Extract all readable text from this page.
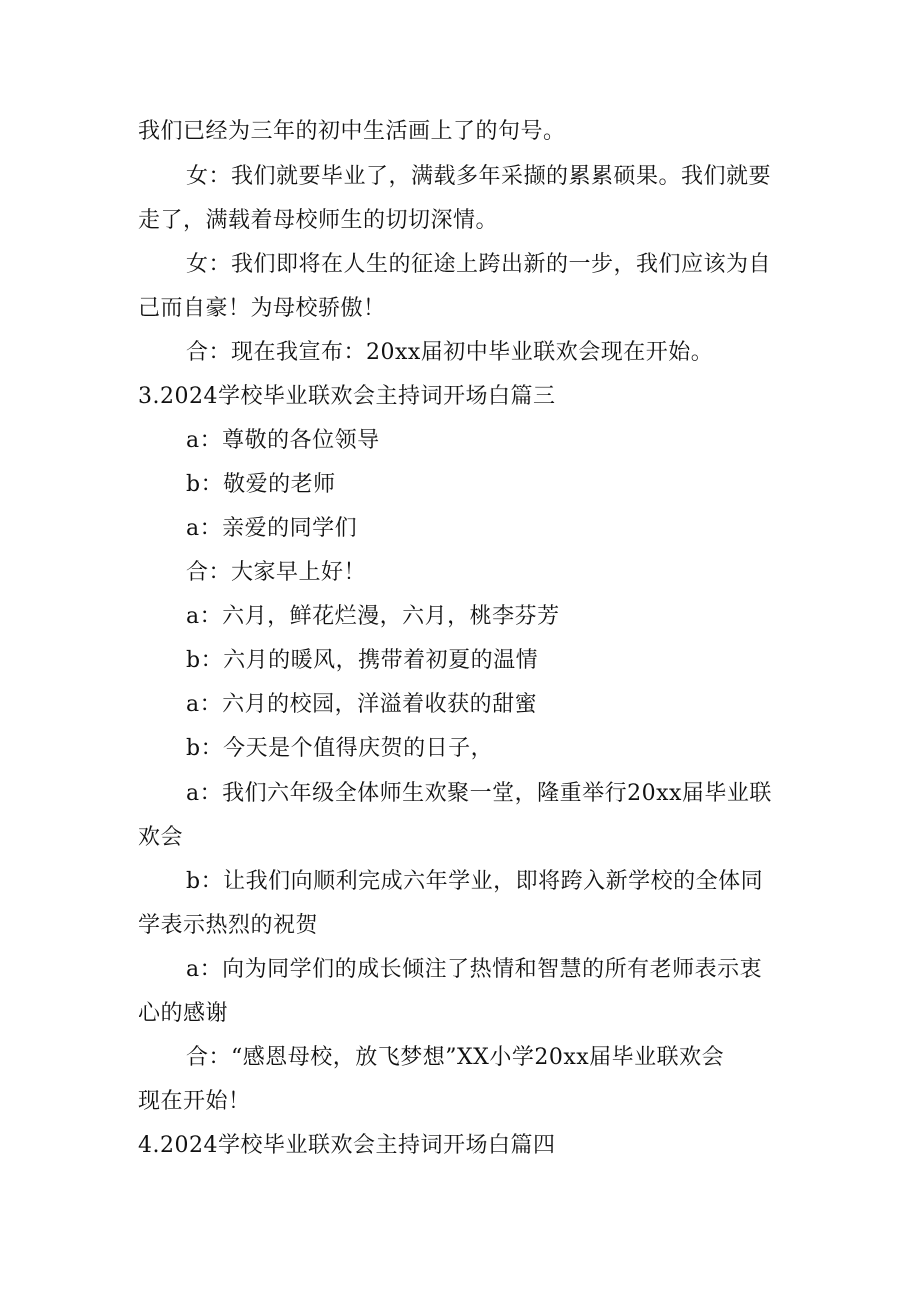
我们已经为三年的初中生活画上了的句号。
女：我们就要毕业了，满载多年采撷的累累硕果。我们就要
走了，满载着母校师生的切切深情。
女：我们即将在人生的征途上跨出新的一步，我们应该为自
己而自豪！为母校骄傲！
合：现在我宣布：20xx届初中毕业联欢会现在开始。
3.2024学校毕业联欢会主持词开场白篇三
a：尊敬的各位领导
b：敬爱的老师
a：亲爱的同学们
合：大家早上好！
a：六月，鲜花烂漫，六月，桃李芬芳
b：六月的暖风，携带着初夏的温情
a：六月的校园，洋溢着收获的甜蜜
b：今天是个值得庆贺的日子，
a：我们六年级全体师生欢聚一堂，隆重举行20xx届毕业联
欢会
b：让我们向顺利完成六年学业，即将跨入新学校的全体同
学表示热烈的祝贺
a：向为同学们的成长倾注了热情和智慧的所有老师表示衷
心的感谢
合：“感恩母校，放飞梦想”XX小学20xx届毕业联欢会
现在开始！
4.2024学校毕业联欢会主持词开场白篇四
